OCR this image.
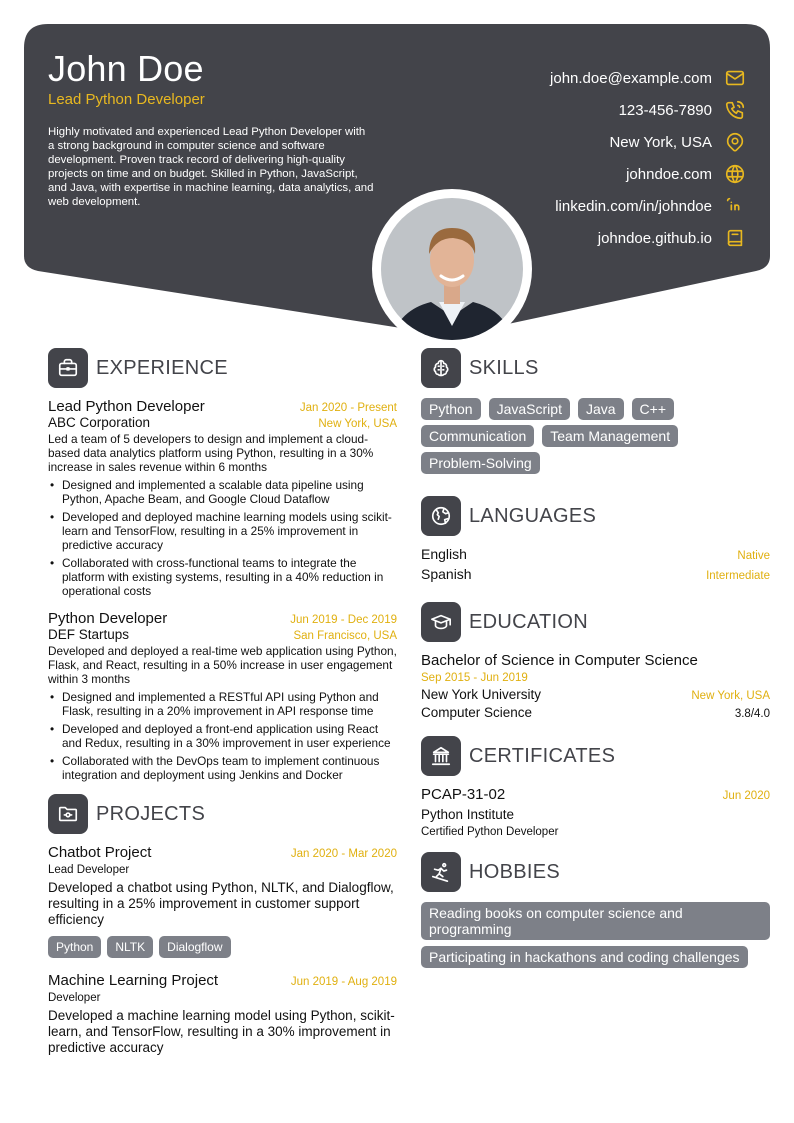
John Doe
Lead Python Developer
Highly motivated and experienced Lead Python Developer with a strong background in computer science and software development. Proven track record of delivering high-quality projects on time and on budget. Skilled in Python, JavaScript, and Java, with expertise in machine learning, data analytics, and web development.
john.doe@example.com
123-456-7890
New York, USA
johndoe.com
linkedin.com/in/johndoe
johndoe.github.io
EXPERIENCE
Lead Python Developer	Jan 2020 - Present
ABC Corporation	New York, USA
Led a team of 5 developers to design and implement a cloud-based data analytics platform using Python, resulting in a 30% increase in sales revenue within 6 months
• Designed and implemented a scalable data pipeline using Python, Apache Beam, and Google Cloud Dataflow
• Developed and deployed machine learning models using scikit-learn and TensorFlow, resulting in a 25% improvement in predictive accuracy
• Collaborated with cross-functional teams to integrate the platform with existing systems, resulting in a 40% reduction in operational costs
Python Developer	Jun 2019 - Dec 2019
DEF Startups	San Francisco, USA
Developed and deployed a real-time web application using Python, Flask, and React, resulting in a 50% increase in user engagement within 3 months
• Designed and implemented a RESTful API using Python and Flask, resulting in a 20% improvement in API response time
• Developed and deployed a front-end application using React and Redux, resulting in a 30% improvement in user experience
• Collaborated with the DevOps team to implement continuous integration and deployment using Jenkins and Docker
PROJECTS
Chatbot Project	Jan 2020 - Mar 2020
Lead Developer
Developed a chatbot using Python, NLTK, and Dialogflow, resulting in a 25% improvement in customer support efficiency
Python	NLTK	Dialogflow
Machine Learning Project	Jun 2019 - Aug 2019
Developer
Developed a machine learning model using Python, scikit-learn, and TensorFlow, resulting in a 30% improvement in predictive accuracy
SKILLS
Python	JavaScript	Java	C++
Communication	Team Management
Problem-Solving
LANGUAGES
English	Native
Spanish	Intermediate
EDUCATION
Bachelor of Science in Computer Science
Sep 2015 - Jun 2019
New York University	New York, USA
Computer Science	3.8/4.0
CERTIFICATES
PCAP-31-02	Jun 2020
Python Institute
Certified Python Developer
HOBBIES
Reading books on computer science and programming Participating in hackathons and coding challenges
